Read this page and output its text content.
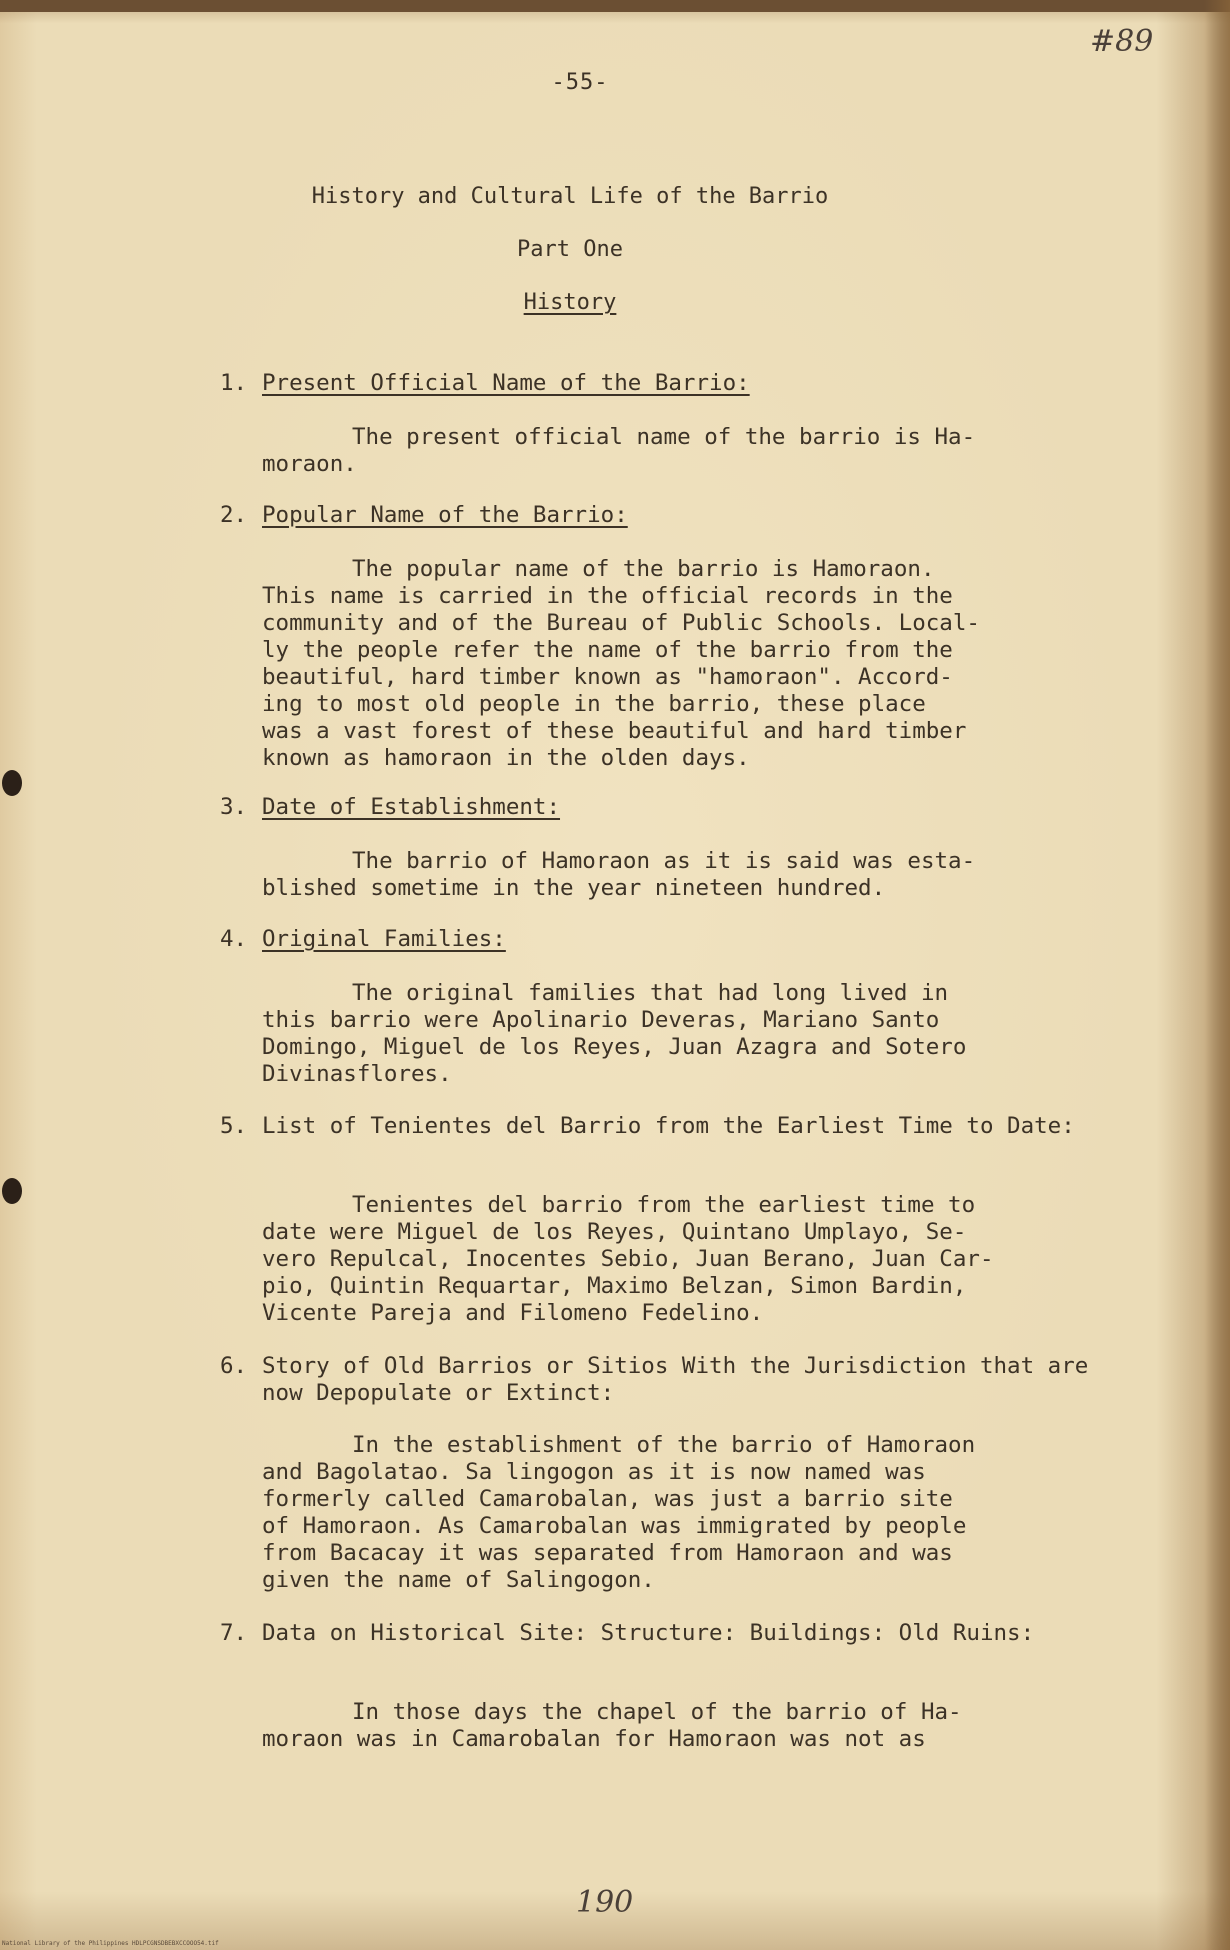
#89
190
-55-
History and Cultural Life of the Barrio
Part One
History
1. Present Official Name of the Barrio:
The present official name of the barrio is Ha-
moraon.
2. Popular Name of the Barrio:
The popular name of the barrio is Hamoraon.
This name is carried in the official records in the
community and of the Bureau of Public Schools. Local-
ly the people refer the name of the barrio from the
beautiful, hard timber known as "hamoraon". Accord-
ing to most old people in the barrio, these place
was a vast forest of these beautiful and hard timber
known as hamoraon in the olden days.
3. Date of Establishment:
The barrio of Hamoraon as it is said was esta-
blished sometime in the year nineteen hundred.
4. Original Families:
The original families that had long lived in
this barrio were Apolinario Deveras, Mariano Santo
Domingo, Miguel de los Reyes, Juan Azagra and Sotero
Divinasflores.
5. List of Tenientes del Barrio from the Earliest Time to Date:
Tenientes del barrio from the earliest time to
date were Miguel de los Reyes, Quintano Umplayo, Se-
vero Repulcal, Inocentes Sebio, Juan Berano, Juan Car-
pio, Quintin Requartar, Maximo Belzan, Simon Bardin,
Vicente Pareja and Filomeno Fedelino.
6. Story of Old Barrios or Sitios With the Jurisdiction that are now Depopulate or Extinct:
In the establishment of the barrio of Hamoraon
and Bagolatao. Sa lingogon as it is now named was
formerly called Camarobalan, was just a barrio site
of Hamoraon. As Camarobalan was immigrated by people
from Bacacay it was separated from Hamoraon and was
given the name of Salingogon.
7. Data on Historical Site: Structure: Buildings: Old Ruins:
In those days the chapel of the barrio of Ha-
moraon was in Camarobalan for Hamoraon was not as
National Library of the Philippines HDLPCGNSDBEBXCCOOO54.tif
